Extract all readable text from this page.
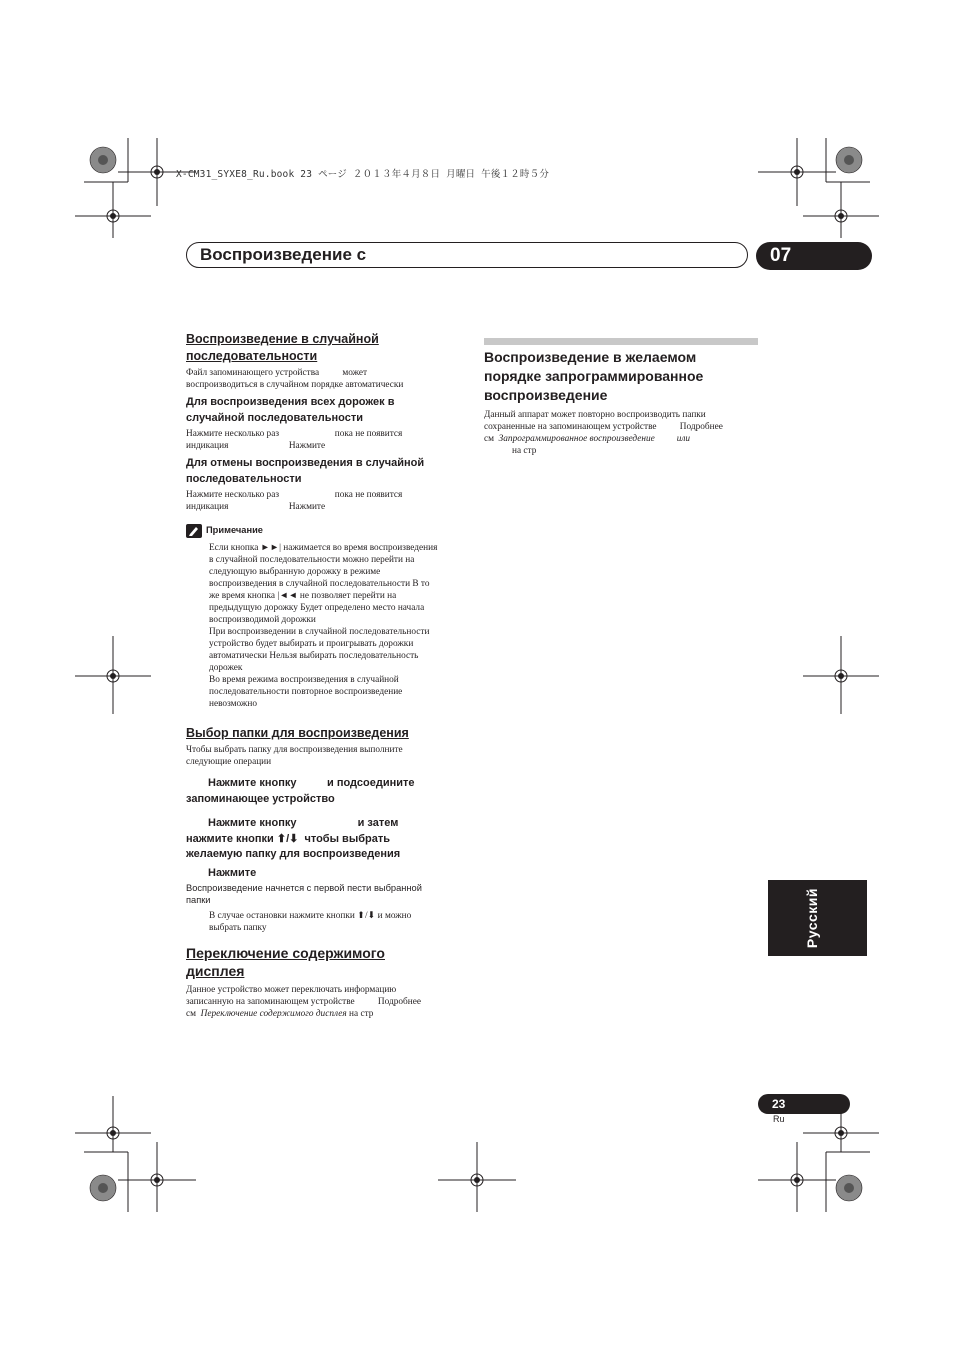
X-CM31_SYXE8_Ru.book 23 ページ ２０１３年４月８日 月曜日 午後１２時５分
Воспроизведение с	07

Воспроизведение в случайной
последовательности

Файл запоминающего устройства          может
воспроизводиться в случайном порядке автоматически

Для воспроизведения всех дорожек в
случайной последовательности

Нажмите несколько раз                        пока не появится
индикация                          Нажмите

Для отмены воспроизведения в случайной
последовательности

Нажмите несколько раз                        пока не появится
индикация                          Нажмите

Примечание
Если кнопка ►►| нажимается во время воспроизведения
в случайной последовательности можно перейти на
следующую выбранную дорожку в режиме
воспроизведения в случайной последовательности В то
же время кнопка |◄◄ не позволяет перейти на
предыдущую дорожку Будет определено место начала
воспроизводимой дорожки
При воспроизведении в случайной последовательности
устройство будет выбирать и проигрывать дорожки
автоматически Нельзя выбирать последовательность
дорожек
Во время режима воспроизведения в случайной
последовательности повторное воспроизведение
невозможно

Выбор папки для воспроизведения

Чтобы выбрать папку для воспроизведения выполните
следующие операции

Нажмите кнопку          и подсоедините
запоминающее устройство
Нажмите кнопку                    и затем
нажмите кнопки ⬆/⬇  чтобы выбрать
желаемую папку для воспроизведения
Нажмите
Воспроизведение начнется с первой пести выбранной
папки
В случае остановки нажмите кнопки ⬆/⬇ и можно
выбрать папку

Переключение содержимого
дисплея

Данное устройство может переключать информацию
записанную на запоминающем устройстве          Подробнее
см  Переключение содержимого дисплея на стр

Воспроизведение в желаемом
порядке запрограммированное
воспроизведение

Данный аппарат может повторно воспроизводить папки
сохраненные на запоминающем устройстве          Подробнее
см  Запрограммированное воспроизведение или
на стр

Русский
23
Ru
